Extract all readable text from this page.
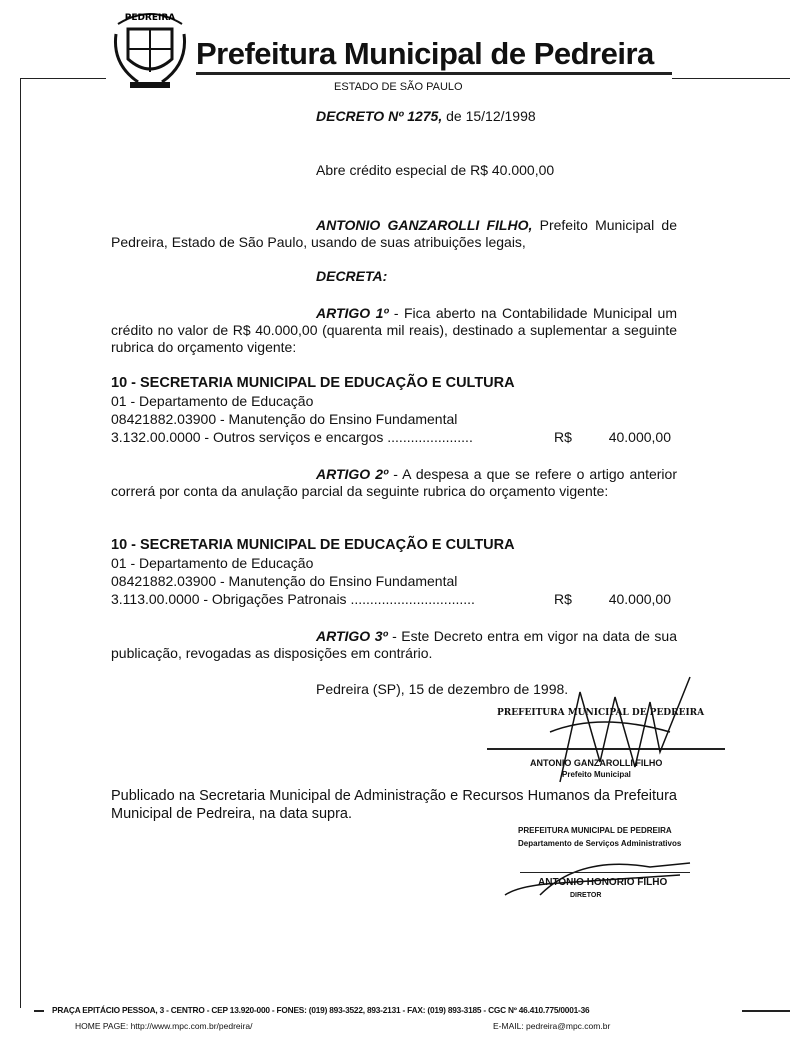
PEDREIRA
Prefeitura Municipal de Pedreira
ESTADO DE SÃO PAULO
DECRETO Nº 1275, de 15/12/1998
Abre crédito especial de R$ 40.000,00
ANTONIO GANZAROLLI FILHO, Prefeito Municipal de Pedreira, Estado de São Paulo, usando de suas atribuições legais,
DECRETA:
ARTIGO 1º - Fica aberto na Contabilidade Municipal um crédito no valor de R$ 40.000,00 (quarenta mil reais), destinado a suplementar a seguinte rubrica do orçamento vigente:
10 - SECRETARIA MUNICIPAL DE EDUCAÇÃO E CULTURA
01 - Departamento de Educação
08421882.03900 - Manutenção do Ensino Fundamental
3.132.00.0000 - Outros serviços e encargos ......................	R$	40.000,00
ARTIGO 2º - A despesa a que se refere o artigo anterior correrá por conta da anulação parcial da seguinte rubrica do orçamento vigente:
10 - SECRETARIA MUNICIPAL DE EDUCAÇÃO E CULTURA
01 - Departamento de Educação
08421882.03900 - Manutenção do Ensino Fundamental
3.113.00.0000 - Obrigações Patronais ................................	R$	40.000,00
ARTIGO 3º - Este Decreto entra em vigor na data de sua publicação, revogadas as disposições em contrário.
Pedreira (SP), 15 de dezembro de 1998.
PREFEITURA MUNICIPAL DE PEDREIRA
ANTONIO GANZAROLLI FILHO
Prefeito Municipal
Publicado na Secretaria Municipal de Administração e Recursos Humanos da Prefeitura Municipal de Pedreira, na data supra.
PREFEITURA MUNICIPAL DE PEDREIRA
Departamento de Serviços Administrativos
ANTONIO HONORIO FILHO
DIRETOR
PRAÇA EPITÁCIO PESSOA, 3 - CENTRO - CEP 13.920-000 - FONES: (019) 893-3522, 893-2131 - FAX: (019) 893-3185 - CGC Nº 46.410.775/0001-36
HOME PAGE: http://www.mpc.com.br/pedreira/	E-MAIL: pedreira@mpc.com.br
